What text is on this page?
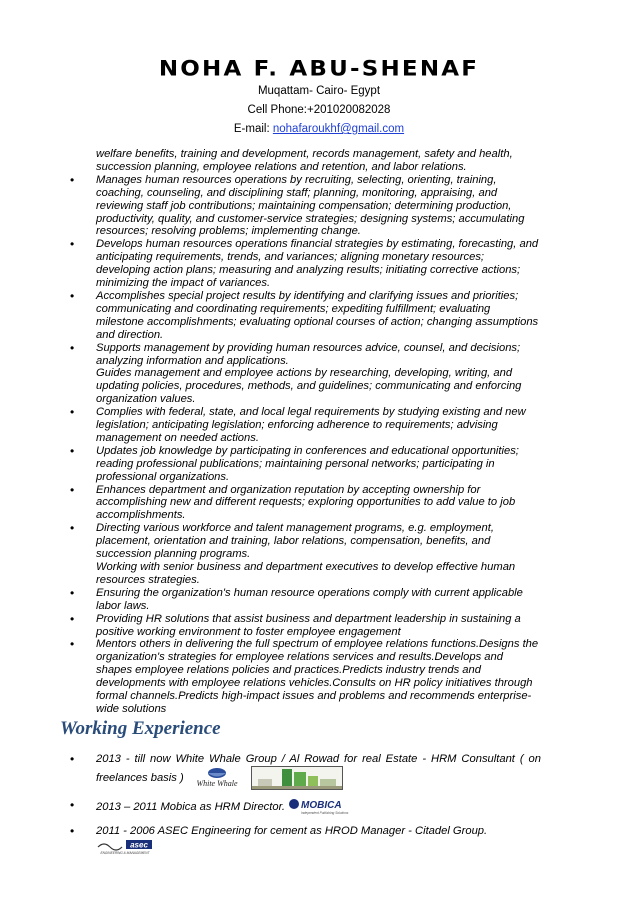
NOHA F. ABU-SHENAF
Muqattam- Cairo- Egypt
Cell Phone:+201020082028
E-mail: nohafaroukhf@gmail.com
welfare benefits, training and development, records management, safety and health, succession planning, employee relations and retention, and labor relations.
• Manages human resources operations by recruiting, selecting, orienting, training, coaching, counseling, and disciplining staff; planning, monitoring, appraising, and reviewing staff job contributions; maintaining compensation; determining production, productivity, quality, and customer-service strategies; designing systems; accumulating resources; resolving problems; implementing change.
• Develops human resources operations financial strategies by estimating, forecasting, and anticipating requirements, trends, and variances; aligning monetary resources; developing action plans; measuring and analyzing results; initiating corrective actions; minimizing the impact of variances.
• Accomplishes special project results by identifying and clarifying issues and priorities; communicating and coordinating requirements; expediting fulfillment; evaluating milestone accomplishments; evaluating optional courses of action; changing assumptions and direction.
• Supports management by providing human resources advice, counsel, and decisions; analyzing information and applications.
Guides management and employee actions by researching, developing, writing, and updating policies, procedures, methods, and guidelines; communicating and enforcing organization values.
• Complies with federal, state, and local legal requirements by studying existing and new legislation; anticipating legislation; enforcing adherence to requirements; advising management on needed actions.
• Updates job knowledge by participating in conferences and educational opportunities; reading professional publications; maintaining personal networks; participating in professional organizations.
• Enhances department and organization reputation by accepting ownership for accomplishing new and different requests; exploring opportunities to add value to job accomplishments.
• Directing various workforce and talent management programs, e.g. employment, placement, orientation and training, labor relations, compensation, benefits, and succession planning programs.
Working with senior business and department executives to develop effective human resources strategies.
• Ensuring the organization's human resource operations comply with current applicable labor laws.
• Providing HR solutions that assist business and department leadership in sustaining a positive working environment to foster employee engagement
• Mentors others in delivering the full spectrum of employee relations functions.Designs the organization's strategies for employee relations services and results.Develops and shapes employee relations policies and practices.Predicts industry trends and developments with employee relations vehicles.Consults on HR policy initiatives through formal channels.Predicts high-impact issues and problems and recommends enterprise-wide solutions
Working Experience
• 2013 - till now White Whale Group / Al Rowad for real Estate - HRM Consultant ( on freelances basis ) White Whale
• 2013 – 2011 Mobica as HRM Director. MOBICA
Independent Publishing Solutions
• 2011 - 2006 ASEC Engineering for cement as HROD Manager - Citadel Group.
asec
ENGINEERING & MANAGEMENT
